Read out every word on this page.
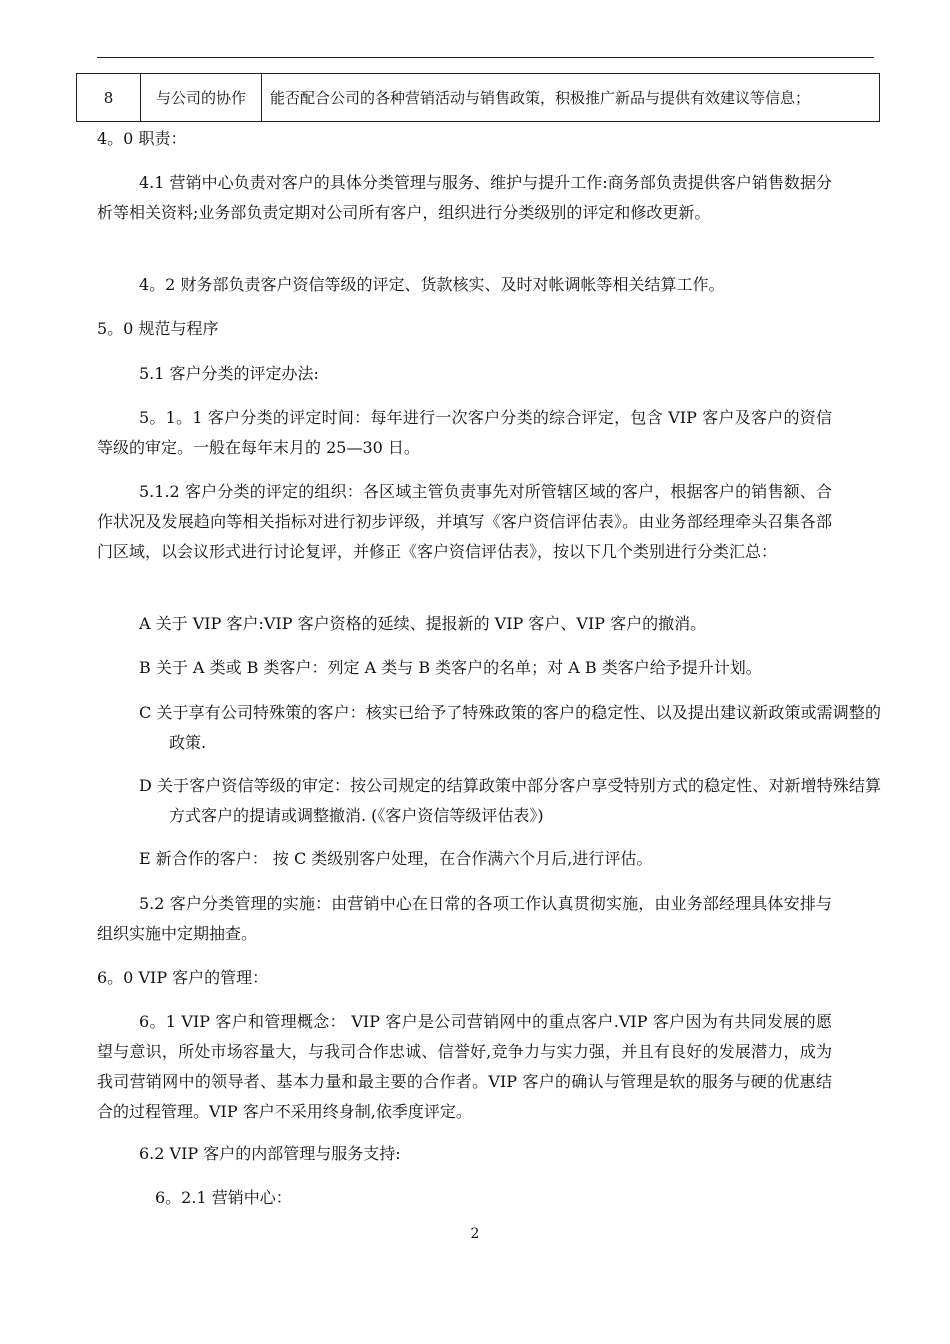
8	与公司的协作	能否配合公司的各种营销活动与销售政策，积极推广新品与提供有效建议等信息；

4。0 职责：

4.1 营销中心负责对客户的具体分类管理与服务、维护与提升工作:商务部负责提供客户销售数据分析等相关资料;业务部负责定期对公司所有客户，组织进行分类级别的评定和修改更新。

4。2 财务部负责客户资信等级的评定、货款核实、及时对帐调帐等相关结算工作。

5。0 规范与程序

5.1 客户分类的评定办法:

5。1。1 客户分类的评定时间：每年进行一次客户分类的综合评定，包含 VIP 客户及客户的资信等级的审定。一般在每年末月的 25—30 日。

5.1.2 客户分类的评定的组织：各区域主管负责事先对所管辖区域的客户，根据客户的销售额、合作状况及发展趋向等相关指标对进行初步评级，并填写《客户资信评估表》。由业务部经理牵头召集各部门区域，以会议形式进行讨论复评，并修正《客户资信评估表》，按以下几个类别进行分类汇总：

A 关于 VIP 客户:VIP 客户资格的延续、提报新的 VIP 客户、VIP 客户的撤消。

B 关于 A 类或 B 类客户：列定 A 类与 B 类客户的名单；对 A B 类客户给予提升计划。

C 关于享有公司特殊策的客户：核实已给予了特殊政策的客户的稳定性、以及提出建议新政策或需调整的政策.

D 关于客户资信等级的审定：按公司规定的结算政策中部分客户享受特别方式的稳定性、对新增特殊结算方式客户的提请或调整撤消. (《客户资信等级评估表》)

E 新合作的客户： 按 C 类级别客户处理，在合作满六个月后,进行评估。

5.2 客户分类管理的实施：由营销中心在日常的各项工作认真贯彻实施，由业务部经理具体安排与组织实施中定期抽查。

6。0 VIP 客户的管理：

6。1 VIP 客户和管理概念： VIP 客户是公司营销网中的重点客户.VIP 客户因为有共同发展的愿望与意识，所处市场容量大，与我司合作忠诚、信誉好,竞争力与实力强，并且有良好的发展潜力，成为我司营销网中的领导者、基本力量和最主要的合作者。VIP 客户的确认与管理是软的服务与硬的优惠结合的过程管理。VIP 客户不采用终身制,依季度评定。

6.2 VIP 客户的内部管理与服务支持:

6。2.1 营销中心：

2
